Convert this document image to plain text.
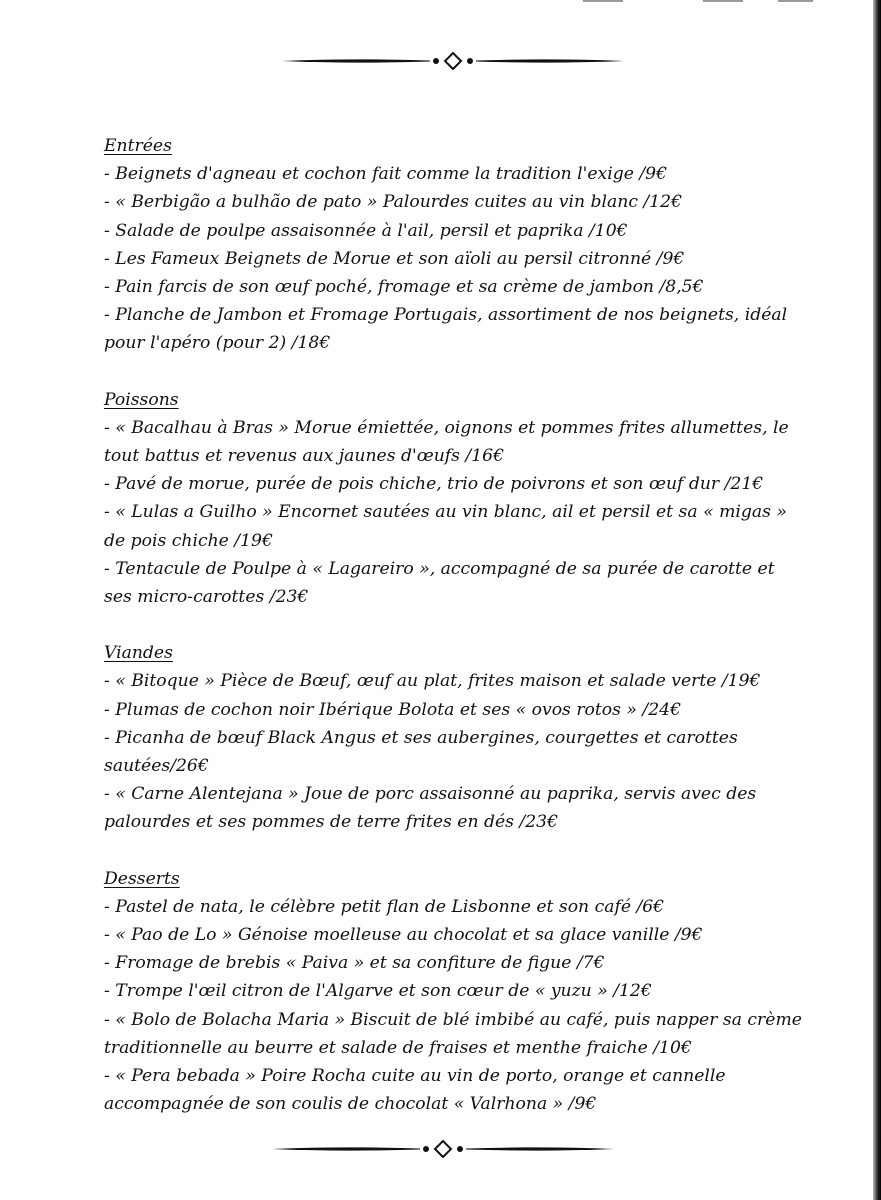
Entrées

- Beignets d'agneau et cochon fait comme la tradition l'exige /9€

- « Berbigão a bulhão de pato » Palourdes cuites au vin blanc /12€

- Salade de poulpe assaisonnée à l'ail, persil et paprika /10€

- Les Fameux Beignets de Morue et son aïoli au persil citronné /9€

- Pain farcis de son œuf poché, fromage et sa crème de jambon /8,5€

- Planche de Jambon et Fromage Portugais, assortiment de nos beignets, idéal pour l'apéro (pour 2) /18€

Poissons

- « Bacalhau à Bras » Morue émiettée, oignons et pommes frites allumettes, le tout battus et revenus aux jaunes d'œufs /16€

- Pavé de morue, purée de pois chiche, trio de poivrons et son œuf dur /21€

- « Lulas a Guilho » Encornet sautées au vin blanc, ail et persil et sa « migas » de pois chiche /19€

- Tentacule de Poulpe à « Lagareiro », accompagné de sa purée de carotte et ses micro-carottes /23€

Viandes

- « Bitoque » Pièce de Bœuf, œuf au plat, frites maison et salade verte /19€

- Plumas de cochon noir Ibérique Bolota et ses « ovos rotos » /24€

- Picanha de bœuf Black Angus et ses aubergines, courgettes et carottes sautées/26€

- « Carne Alentejana » Joue de porc assaisonné au paprika, servis avec des palourdes et ses pommes de terre frites en dés /23€

Desserts

- Pastel de nata, le célèbre petit flan de Lisbonne et son café /6€

- « Pao de Lo » Génoise moelleuse au chocolat et sa glace vanille /9€

- Fromage de brebis « Paiva » et sa confiture de figue /7€

- Trompe l'œil citron de l'Algarve et son cœur de « yuzu » /12€

- « Bolo de Bolacha Maria » Biscuit de blé imbibé au café, puis napper sa crème traditionnelle au beurre et salade de fraises et menthe fraiche /10€

- « Pera bebada » Poire Rocha cuite au vin de porto, orange et cannelle accompagnée de son coulis de chocolat « Valrhona » /9€
